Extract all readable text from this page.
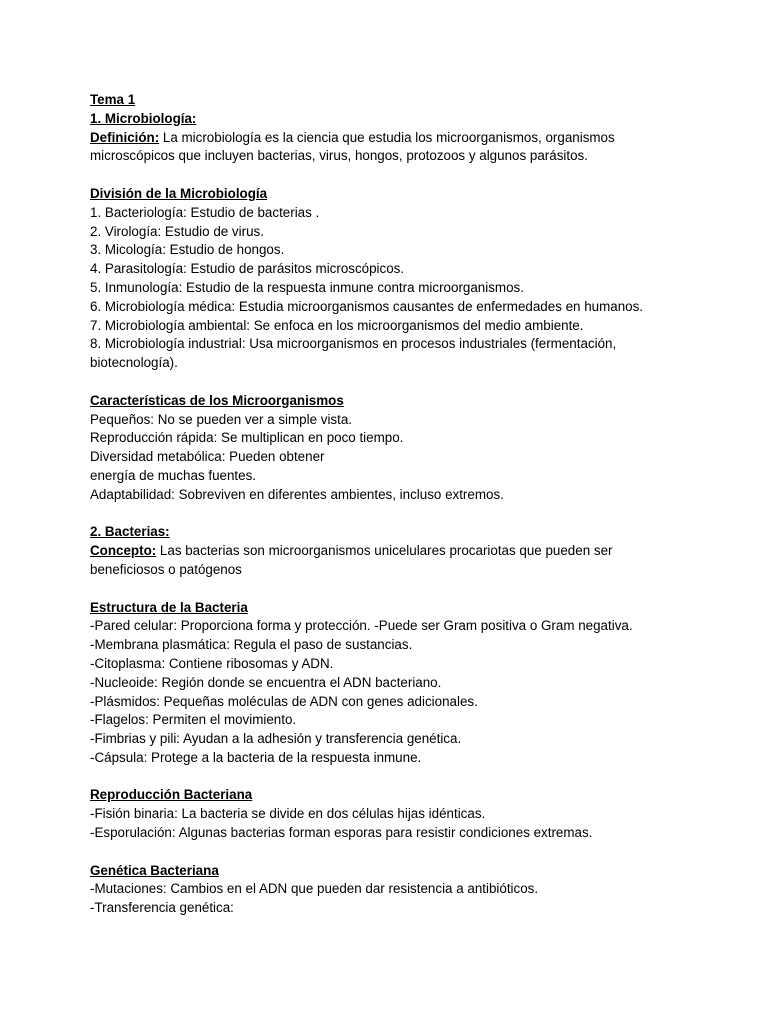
Tema 1
1. Microbiología:
Definición: La microbiología es la ciencia que estudia los microorganismos, organismos
microscópicos que incluyen bacterias, virus, hongos, protozoos y algunos parásitos.
División de la Microbiología
1. Bacteriología: Estudio de bacterias .
2. Virología: Estudio de virus.
3. Micología: Estudio de hongos.
4. Parasitología: Estudio de parásitos microscópicos.
5. Inmunología: Estudio de la respuesta inmune contra microorganismos.
6. Microbiología médica: Estudia microorganismos causantes de enfermedades en humanos.
7. Microbiología ambiental: Se enfoca en los microorganismos del medio ambiente.
8. Microbiología industrial: Usa microorganismos en procesos industriales (fermentación,
biotecnología).
Características de los Microorganismos
Pequeños: No se pueden ver a simple vista.
Reproducción rápida: Se multiplican en poco tiempo.
Diversidad metabólica: Pueden obtener
energía de muchas fuentes.
Adaptabilidad: Sobreviven en diferentes ambientes, incluso extremos.
2. Bacterias:
Concepto: Las bacterias son microorganismos unicelulares procariotas que pueden ser
beneficiosos o patógenos
Estructura de la Bacteria
-Pared celular: Proporciona forma y protección. -Puede ser Gram positiva o Gram negativa.
-Membrana plasmática: Regula el paso de sustancias.
-Citoplasma: Contiene ribosomas y ADN.
-Nucleoide: Región donde se encuentra el ADN bacteriano.
-Plásmidos: Pequeñas moléculas de ADN con genes adicionales.
-Flagelos: Permiten el movimiento.
-Fimbrias y pili: Ayudan a la adhesión y transferencia genética.
-Cápsula: Protege a la bacteria de la respuesta inmune.
Reproducción Bacteriana
-Fisión binaria: La bacteria se divide en dos células hijas idénticas.
-Esporulación: Algunas bacterias forman esporas para resistir condiciones extremas.
Genética Bacteriana
-Mutaciones: Cambios en el ADN que pueden dar resistencia a antibióticos.
-Transferencia genética:
